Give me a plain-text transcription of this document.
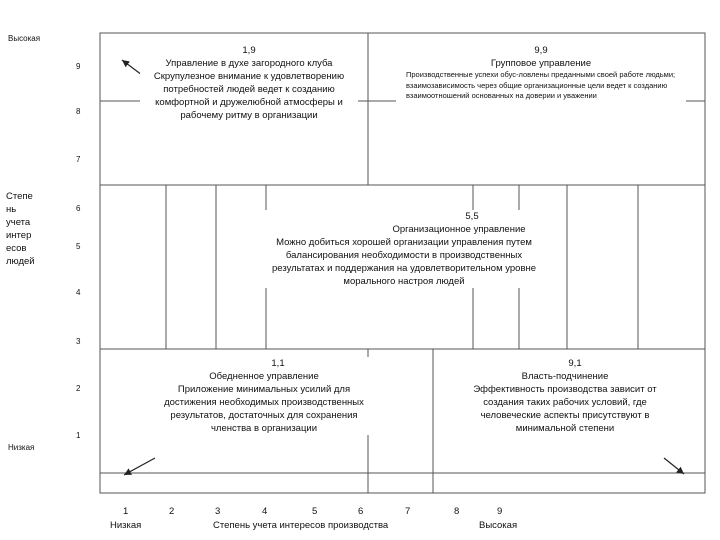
Высокая
Низкая
Степе нь учета интер есов людей
9
8
7
6
5
4
3
2
1
1	2	3	4	5	6	7	8	9
Низкая	Степень учета интересов производства	Высокая
1,9
Управление в духе загородного клуба
Скрупулезное внимание к удовлетворению потребностей людей ведет к созданию комфортной и дружелюбной атмосферы и рабочему ритму в организации
9,9
Групповое управление
Производственные успехи обус-ловлены преданными своей работе людьми; взаимозависимость через общие организационные цели ведет к созданию взаимоотношений основанных на доверии и уважении
5,5
Организационное управление
Можно добиться хорошей организации управления путем балансирования необходимости в производственных результатах и поддержания на удовлетворительном уровне морального настроя людей
1,1
Обедненное управление
Приложение минимальных усилий для достижения необходимых производственных результатов, достаточных для сохранения членства в организации
9,1
Власть-подчинение
Эффективность производства зависит от создания таких рабочих условий, где человеческие аспекты присутствуют в минимальной степени
